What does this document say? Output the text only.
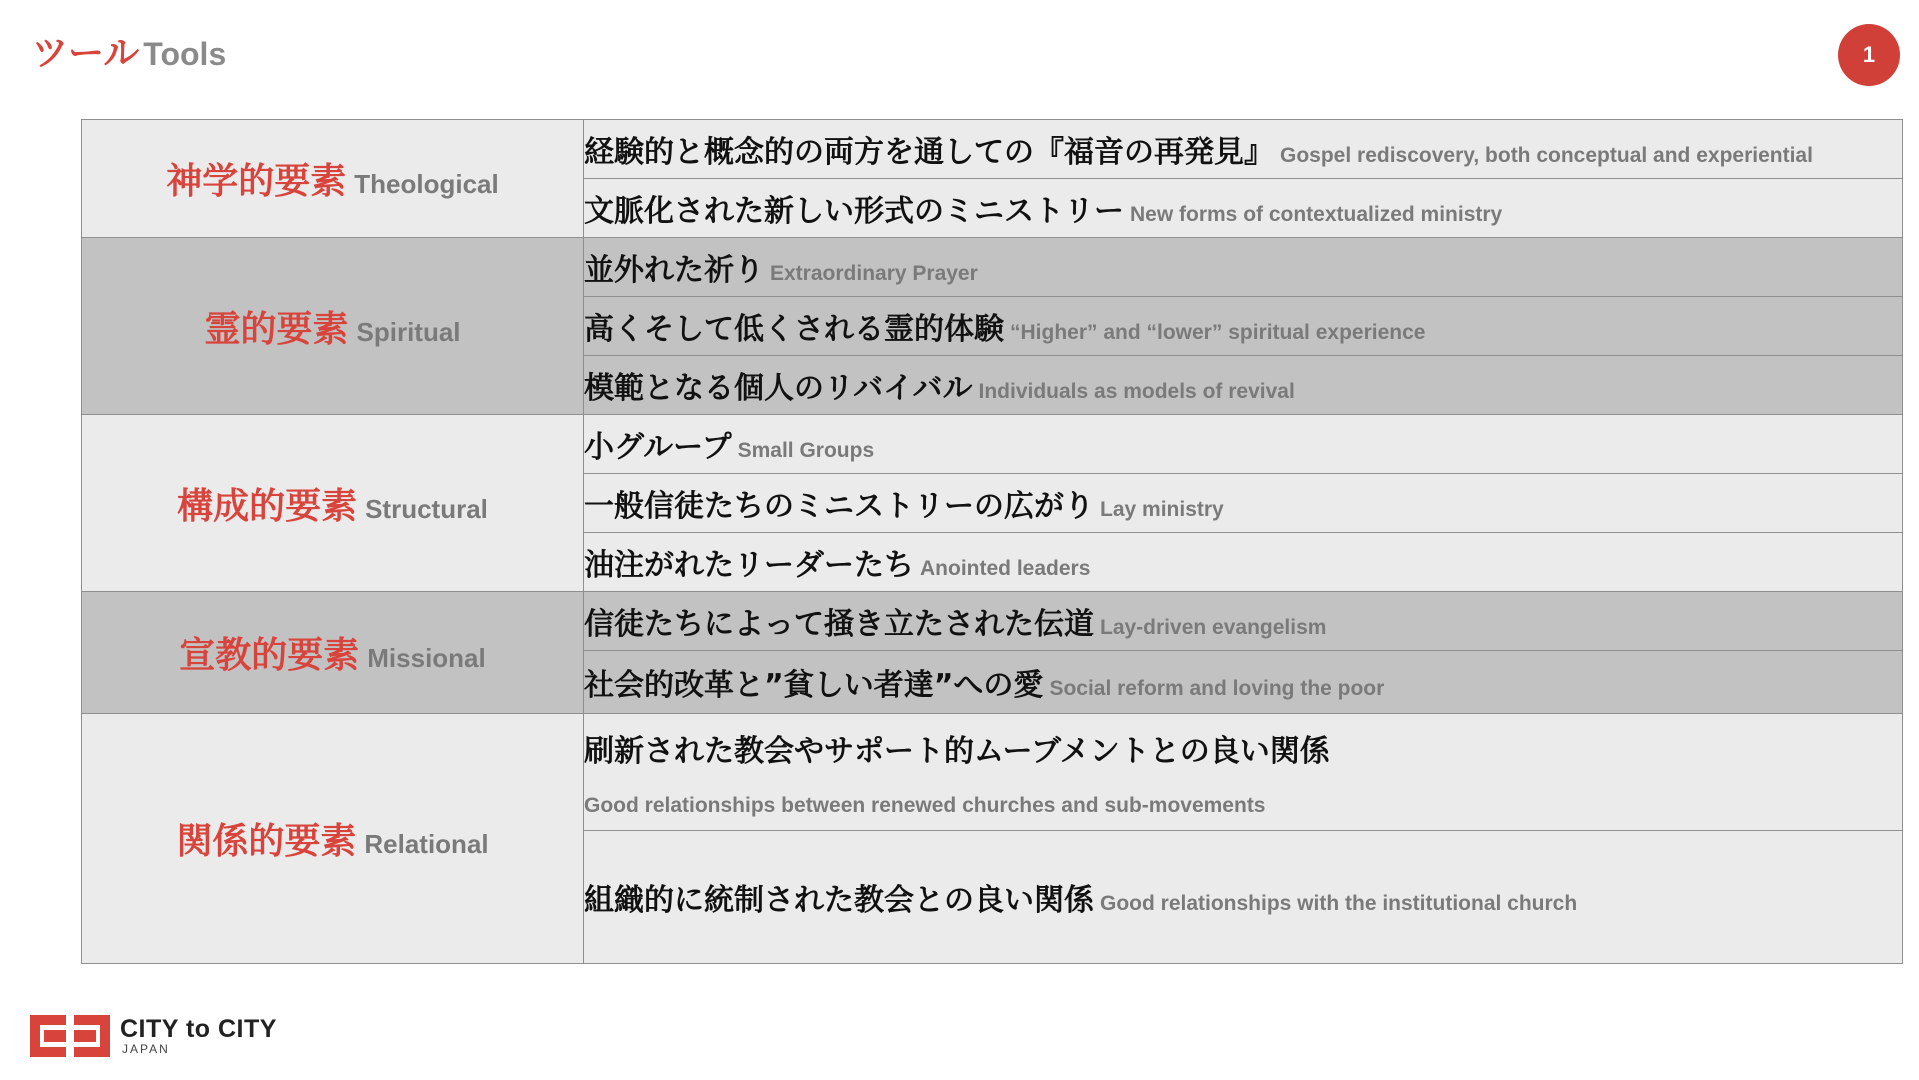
ツール Tools	1
神学的要素 Theological	経験的と概念的の両方を通しての『福音の再発見』 Gospel rediscovery, both conceptual and experiential
	文脈化された新しい形式のミニストリー New forms of contextualized ministry
霊的要素 Spiritual	並外れた祈り Extraordinary Prayer
	高くそして低くされる霊的体験 “Higher” and “lower” spiritual experience
	模範となる個人のリバイバル Individuals as models of revival
構成的要素 Structural	小グループ Small Groups
	一般信徒たちのミニストリーの広がり Lay ministry
	油注がれたリーダーたち Anointed leaders
宣教的要素 Missional	信徒たちによって掻き立たされた伝道 Lay-driven evangelism
	社会的改革と”貧しい者達”への愛 Social reform and loving the poor
関係的要素 Relational	刷新された教会やサポート的ムーブメントとの良い関係
Good relationships between renewed churches and sub-movements

	組織的に統制された教会との良い関係 Good relationships with the institutional church
CITY to CITY
JAPAN
